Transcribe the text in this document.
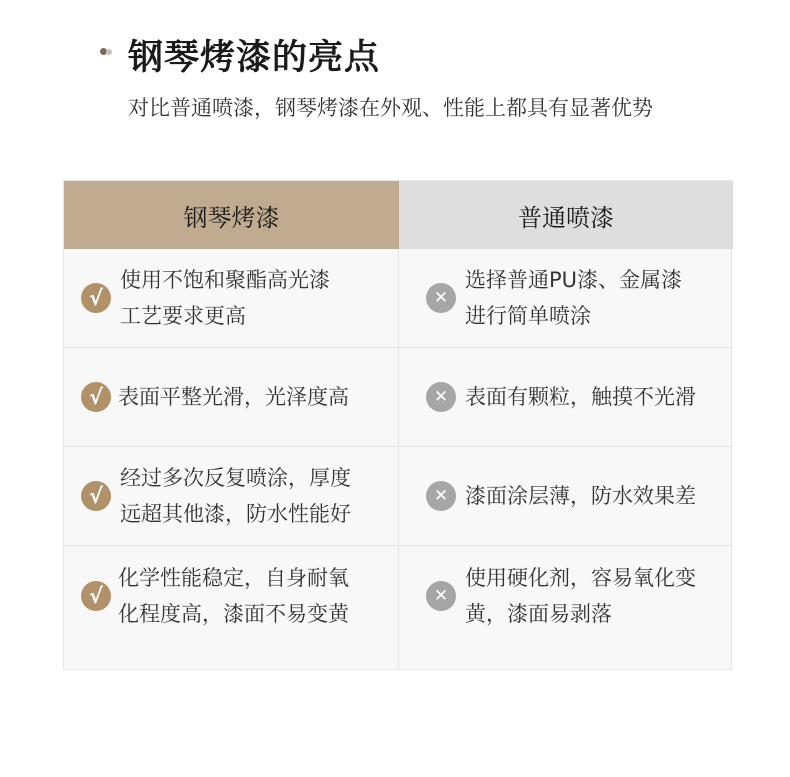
钢琴烤漆的亮点
对比普通喷漆，钢琴烤漆在外观、性能上都具有显著优势
钢琴烤漆	普通喷漆
√
使用不饱和聚酯高光漆
工艺要求更高
✕
选择普通PU漆、金属漆
进行简单喷涂
√ 表面平整光滑，光泽度高	✕ 表面有颗粒，触摸不光滑
√
经过多次反复喷涂，厚度
远超其他漆，防水性能好
✕ 漆面涂层薄，防水效果差
√
化学性能稳定，自身耐氧
化程度高，漆面不易变黄
✕
使用硬化剂，容易氧化变
黄，漆面易剥落
